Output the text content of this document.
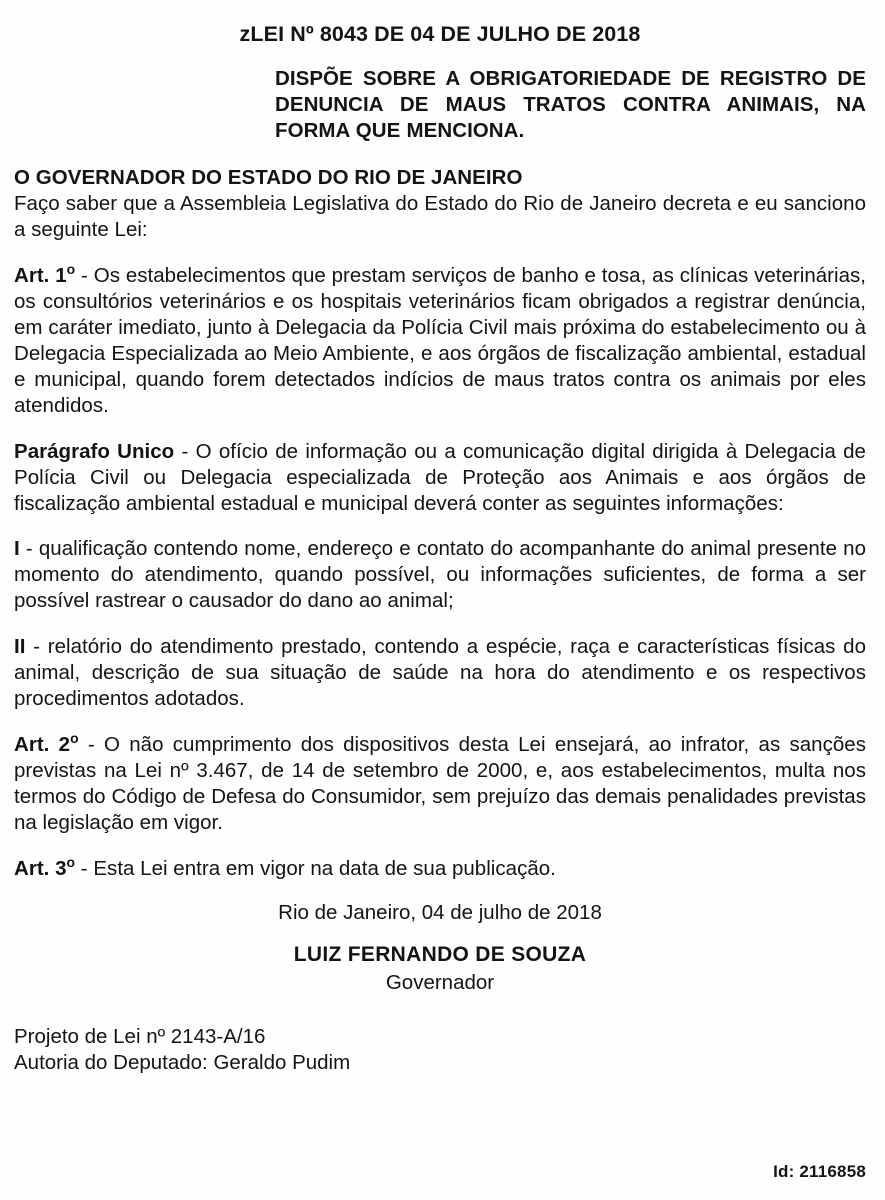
zLEI Nº 8043 DE 04 DE JULHO DE 2018
DISPÕE SOBRE A OBRIGATORIEDADE DE REGISTRO DE DENUNCIA DE MAUS TRATOS CONTRA ANIMAIS, NA FORMA QUE MENCIONA.
O GOVERNADOR DO ESTADO DO RIO DE JANEIRO

Faço saber que a Assembleia Legislativa do Estado do Rio de Janeiro decreta e eu sanciono a seguinte Lei:

Art. 1$^o$ - Os estabelecimentos que prestam serviços de banho e tosa, as clínicas veterinárias, os consultórios veterinários e os hospitais veterinários ficam obrigados a registrar denúncia, em caráter imediato, junto à Delegacia da Polícia Civil mais próxima do estabelecimento ou à Delegacia Especializada ao Meio Ambiente, e aos órgãos de fiscalização ambiental, estadual e municipal, quando forem detectados indícios de maus tratos contra os animais por eles atendidos.

Parágrafo Unico - O ofício de informação ou a comunicação digital dirigida à Delegacia de Polícia Civil ou Delegacia especializada de Proteção aos Animais e aos órgãos de fiscalização ambiental estadual e municipal deverá conter as seguintes informações:

I - qualificação contendo nome, endereço e contato do acompanhante do animal presente no momento do atendimento, quando possível, ou informações suficientes, de forma a ser possível rastrear o causador do dano ao animal;

II - relatório do atendimento prestado, contendo a espécie, raça e características físicas do animal, descrição de sua situação de saúde na hora do atendimento e os respectivos procedimentos adotados.

Art. 2$^o$ - O não cumprimento dos dispositivos desta Lei ensejará, ao infrator, as sanções previstas na Lei nº 3.467, de 14 de setembro de 2000, e, aos estabelecimentos, multa nos termos do Código de Defesa do Consumidor, sem prejuízo das demais penalidades previstas na legislação em vigor.

Art. 3$^o$ - Esta Lei entra em vigor na data de sua publicação.

Rio de Janeiro, 04 de julho de 2018
LUIZ FERNANDO DE SOUZA
Governador
Projeto de Lei nº 2143-A/16
Autoria do Deputado: Geraldo Pudim
Id: 2116858
